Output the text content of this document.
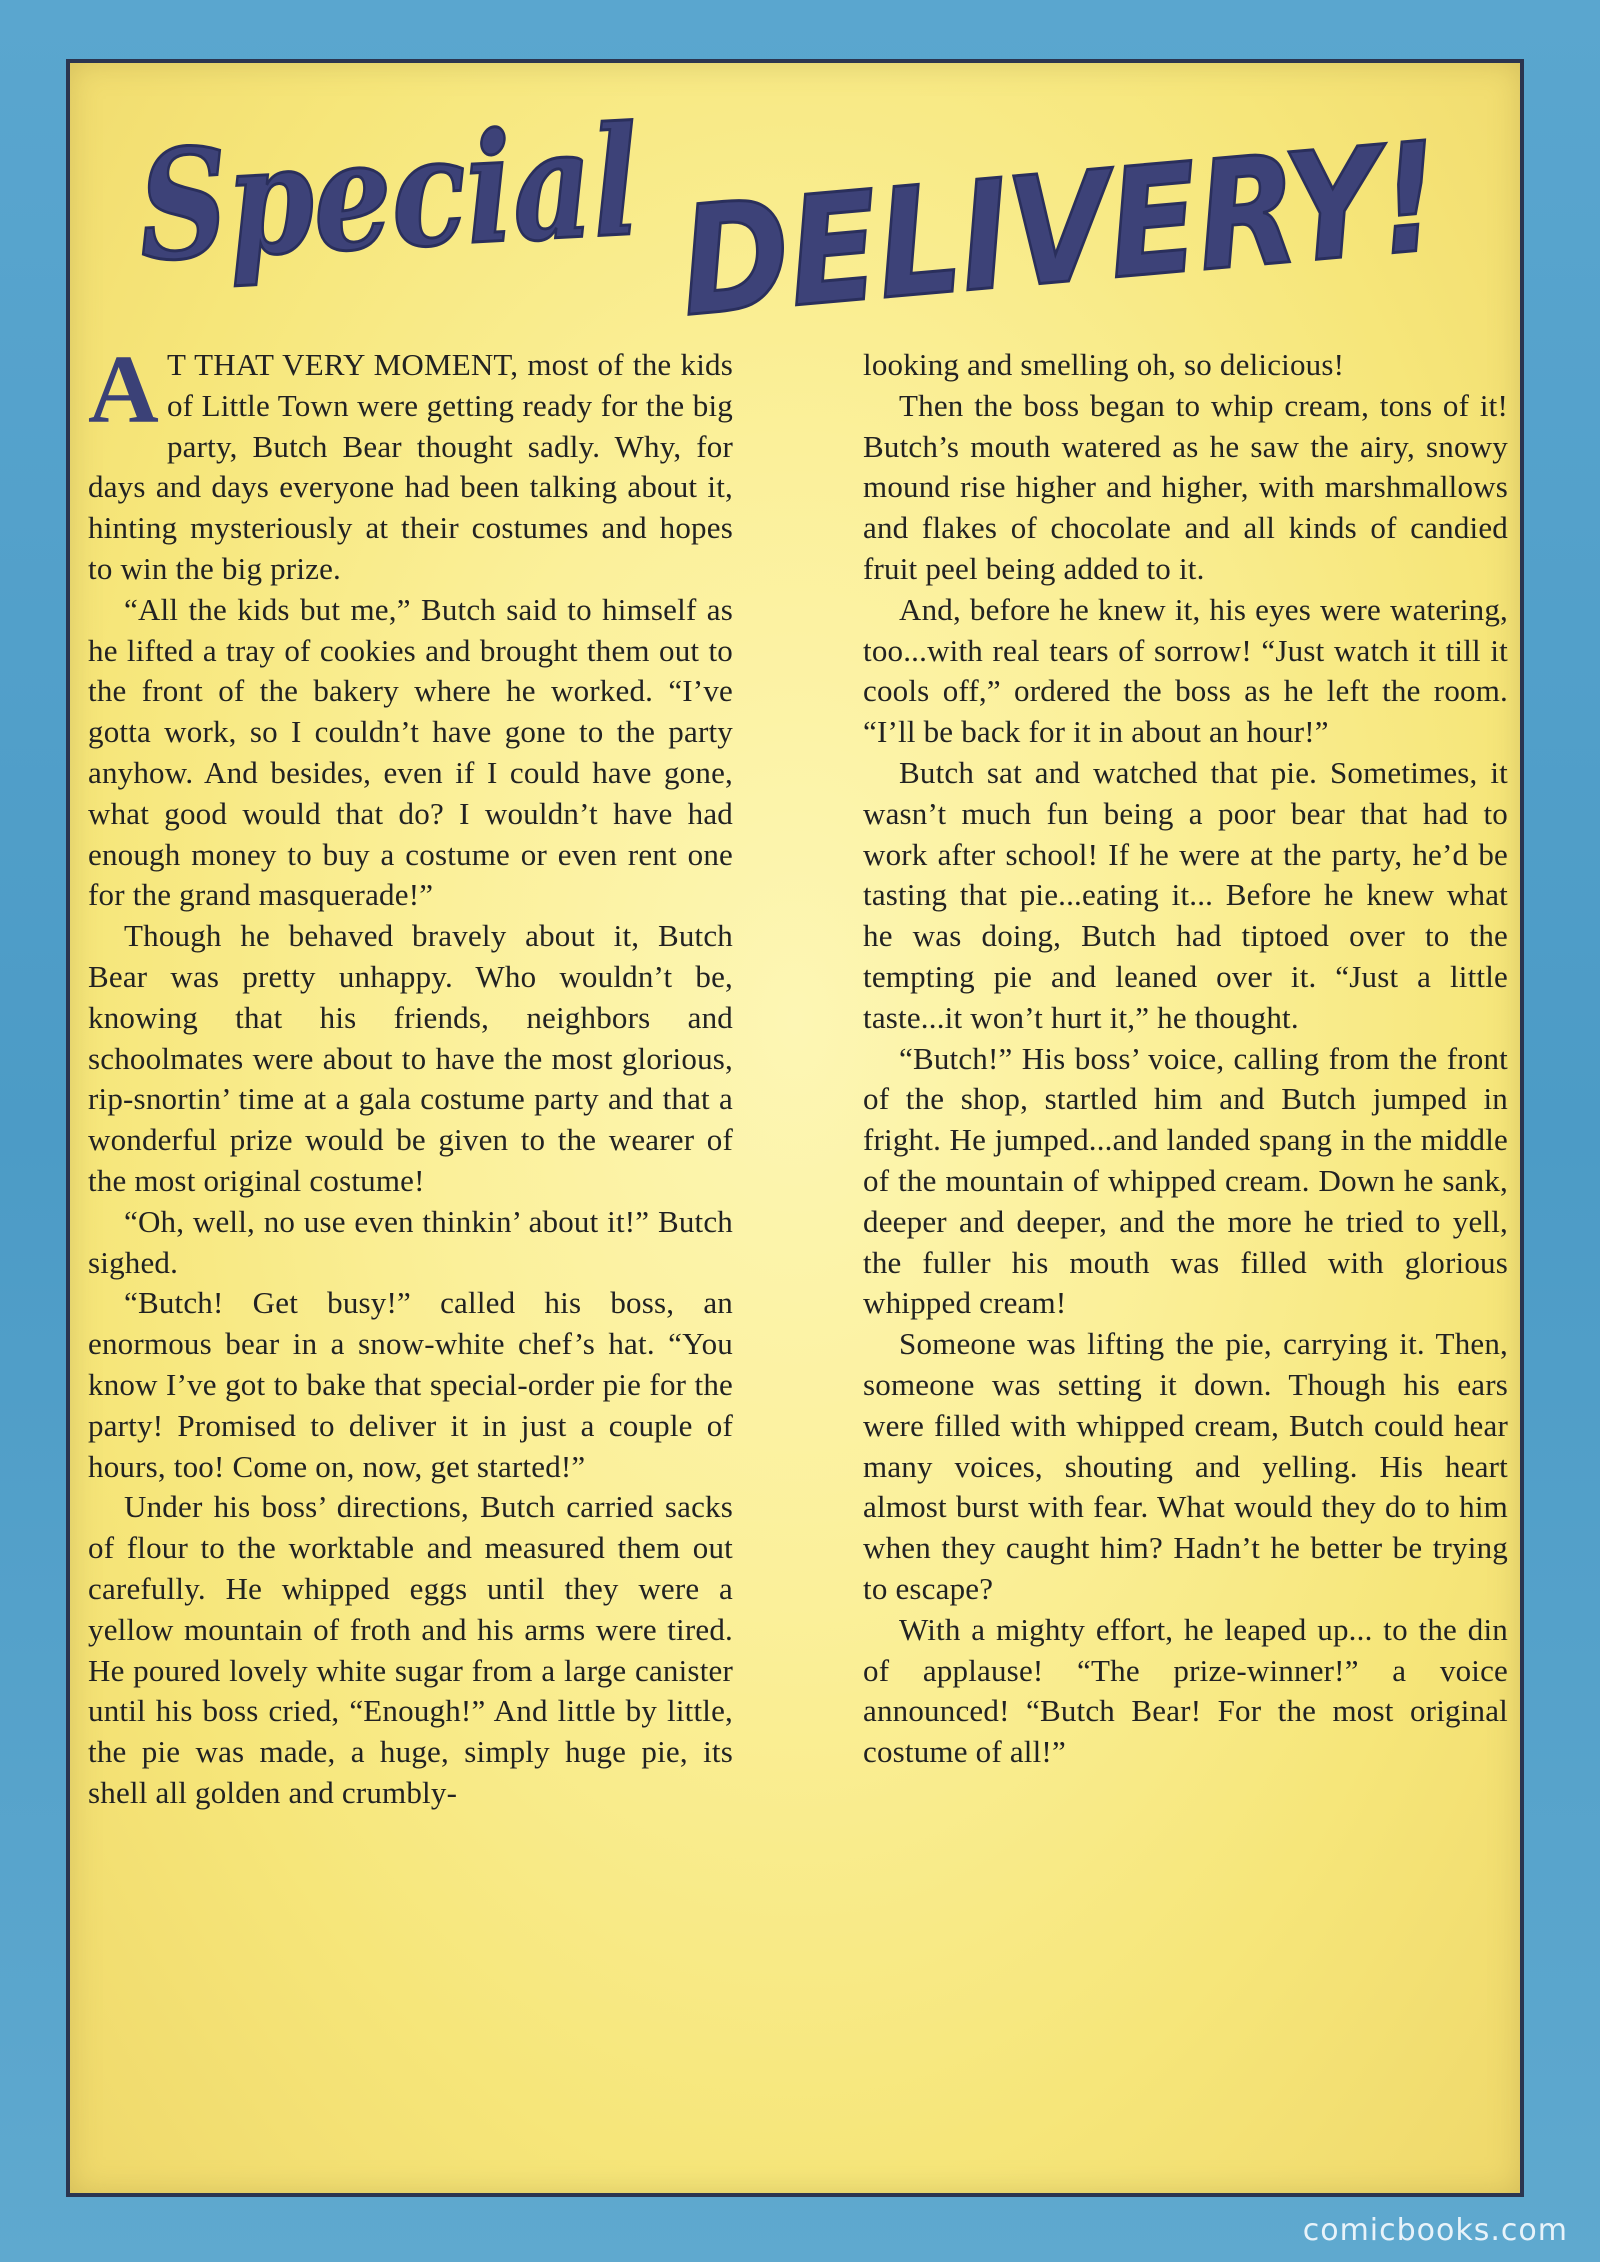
Special
DELIVERY!

A T THAT VERY MOMENT, most of the kids of Little Town were getting ready for the big party, Butch Bear thought sadly. Why, for days and days everyone had been talking about it, hinting mysteriously at their costumes and hopes to win the big prize.

“All the kids but me,” Butch said to himself as he lifted a tray of cookies and brought them out to the front of the bakery where he worked. “I’ve gotta work, so I couldn’t have gone to the party anyhow. And besides, even if I could have gone, what good would that do? I wouldn’t have had enough money to buy a costume or even rent one for the grand masquerade!”

Though he behaved bravely about it, Butch Bear was pretty unhappy. Who wouldn’t be, knowing that his friends, neighbors and schoolmates were about to have the most glorious, rip-snortin’ time at a gala costume party and that a wonderful prize would be given to the wearer of the most original costume!

“Oh, well, no use even thinkin’ about it!” Butch sighed.

“Butch! Get busy!” called his boss, an enormous bear in a snow-white chef’s hat. “You know I’ve got to bake that special-order pie for the party! Promised to deliver it in just a couple of hours, too! Come on, now, get started!”

Under his boss’ directions, Butch carried sacks of flour to the worktable and measured them out carefully. He whipped eggs until they were a yellow mountain of froth and his arms were tired. He poured lovely white sugar from a large canister until his boss cried, “Enough!” And little by little, the pie was made, a huge, simply huge pie, its shell all golden and crumbly-

looking and smelling oh, so delicious!

Then the boss began to whip cream, tons of it! Butch’s mouth watered as he saw the airy, snowy mound rise higher and higher, with marshmallows and flakes of chocolate and all kinds of candied fruit peel being added to it.

And, before he knew it, his eyes were watering, too...with real tears of sorrow! “Just watch it till it cools off,” ordered the boss as he left the room. “I’ll be back for it in about an hour!”

Butch sat and watched that pie. Sometimes, it wasn’t much fun being a poor bear that had to work after school! If he were at the party, he’d be tasting that pie...eating it... Before he knew what he was doing, Butch had tiptoed over to the tempting pie and leaned over it. “Just a little taste...it won’t hurt it,” he thought.

“Butch!” His boss’ voice, calling from the front of the shop, startled him and Butch jumped in fright. He jumped...and landed spang in the middle of the mountain of whipped cream. Down he sank, deeper and deeper, and the more he tried to yell, the fuller his mouth was filled with glorious whipped cream!

Someone was lifting the pie, carrying it. Then, someone was setting it down. Though his ears were filled with whipped cream, Butch could hear many voices, shouting and yelling. His heart almost burst with fear. What would they do to him when they caught him? Hadn’t he better be trying to escape?

With a mighty effort, he leaped up... to the din of applause! “The prize-winner!” a voice announced! “Butch Bear! For the most original costume of all!”

comicbooks.com
